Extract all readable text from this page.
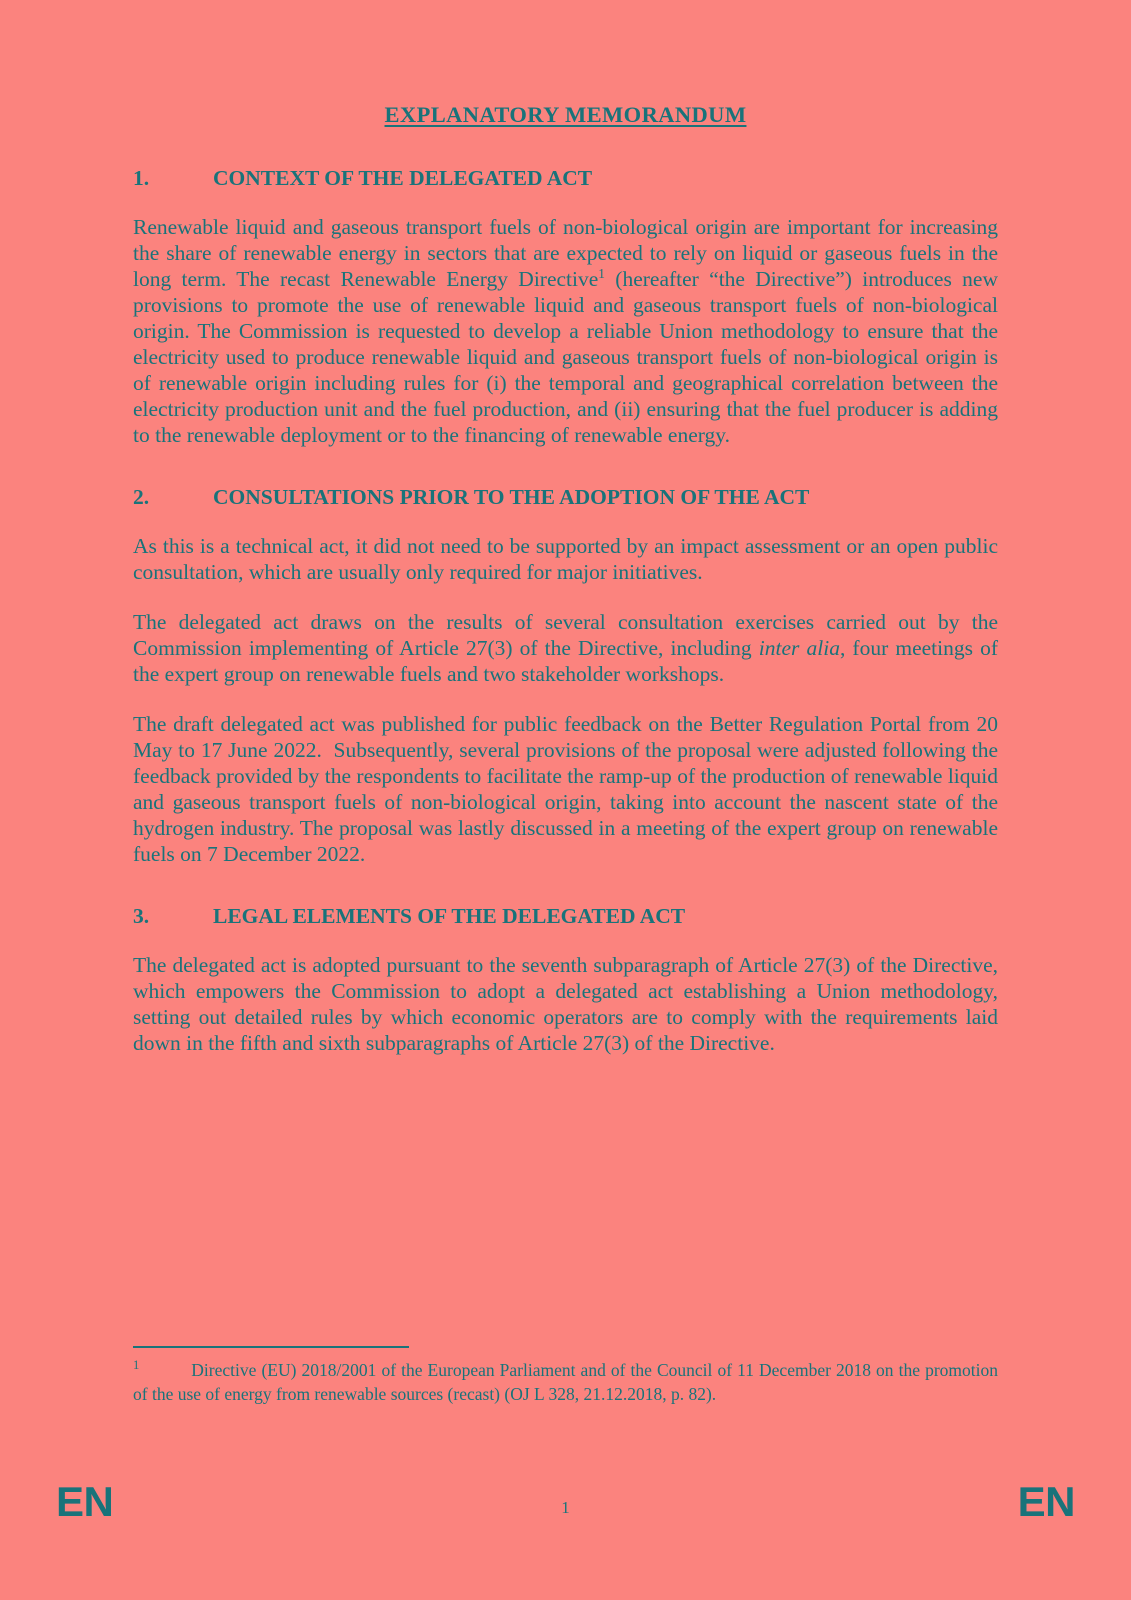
EXPLANATORY MEMORANDUM
1.	CONTEXT OF THE DELEGATED ACT

Renewable liquid and gaseous transport fuels of non-biological origin are important for increasing the share of renewable energy in sectors that are expected to rely on liquid or gaseous fuels in the long term. The recast Renewable Energy Directive$^1$ (hereafter “the Directive”) introduces new provisions to promote the use of renewable liquid and gaseous transport fuels of non-biological origin. The Commission is requested to develop a reliable Union methodology to ensure that the electricity used to produce renewable liquid and gaseous transport fuels of non-biological origin is of renewable origin including rules for (i) the temporal and geographical correlation between the electricity production unit and the fuel production, and (ii) ensuring that the fuel producer is adding to the renewable deployment or to the financing of renewable energy.

2.	CONSULTATIONS PRIOR TO THE ADOPTION OF THE ACT

As this is a technical act, it did not need to be supported by an impact assessment or an open public consultation, which are usually only required for major initiatives.

The delegated act draws on the results of several consultation exercises carried out by the Commission implementing of Article 27(3) of the Directive, including inter alia, four meetings of the expert group on renewable fuels and two stakeholder workshops.

The draft delegated act was published for public feedback on the Better Regulation Portal from 20 May to 17 June 2022.  Subsequently, several provisions of the proposal were adjusted following the feedback provided by the respondents to facilitate the ramp-up of the production of renewable liquid and gaseous transport fuels of non-biological origin, taking into account the nascent state of the hydrogen industry. The proposal was lastly discussed in a meeting of the expert group on renewable fuels on 7 December 2022.

3.	LEGAL ELEMENTS OF THE DELEGATED ACT

The delegated act is adopted pursuant to the seventh subparagraph of Article 27(3) of the Directive, which empowers the Commission to adopt a delegated act establishing a Union methodology, setting out detailed rules by which economic operators are to comply with the requirements laid down in the fifth and sixth subparagraphs of Article 27(3) of the Directive.

$^1$	Directive (EU) 2018/2001 of the European Parliament and of the Council of 11 December 2018 on the promotion of the use of energy from renewable sources (recast) (OJ L 328, 21.12.2018, p. 82).
EN	1	EN
